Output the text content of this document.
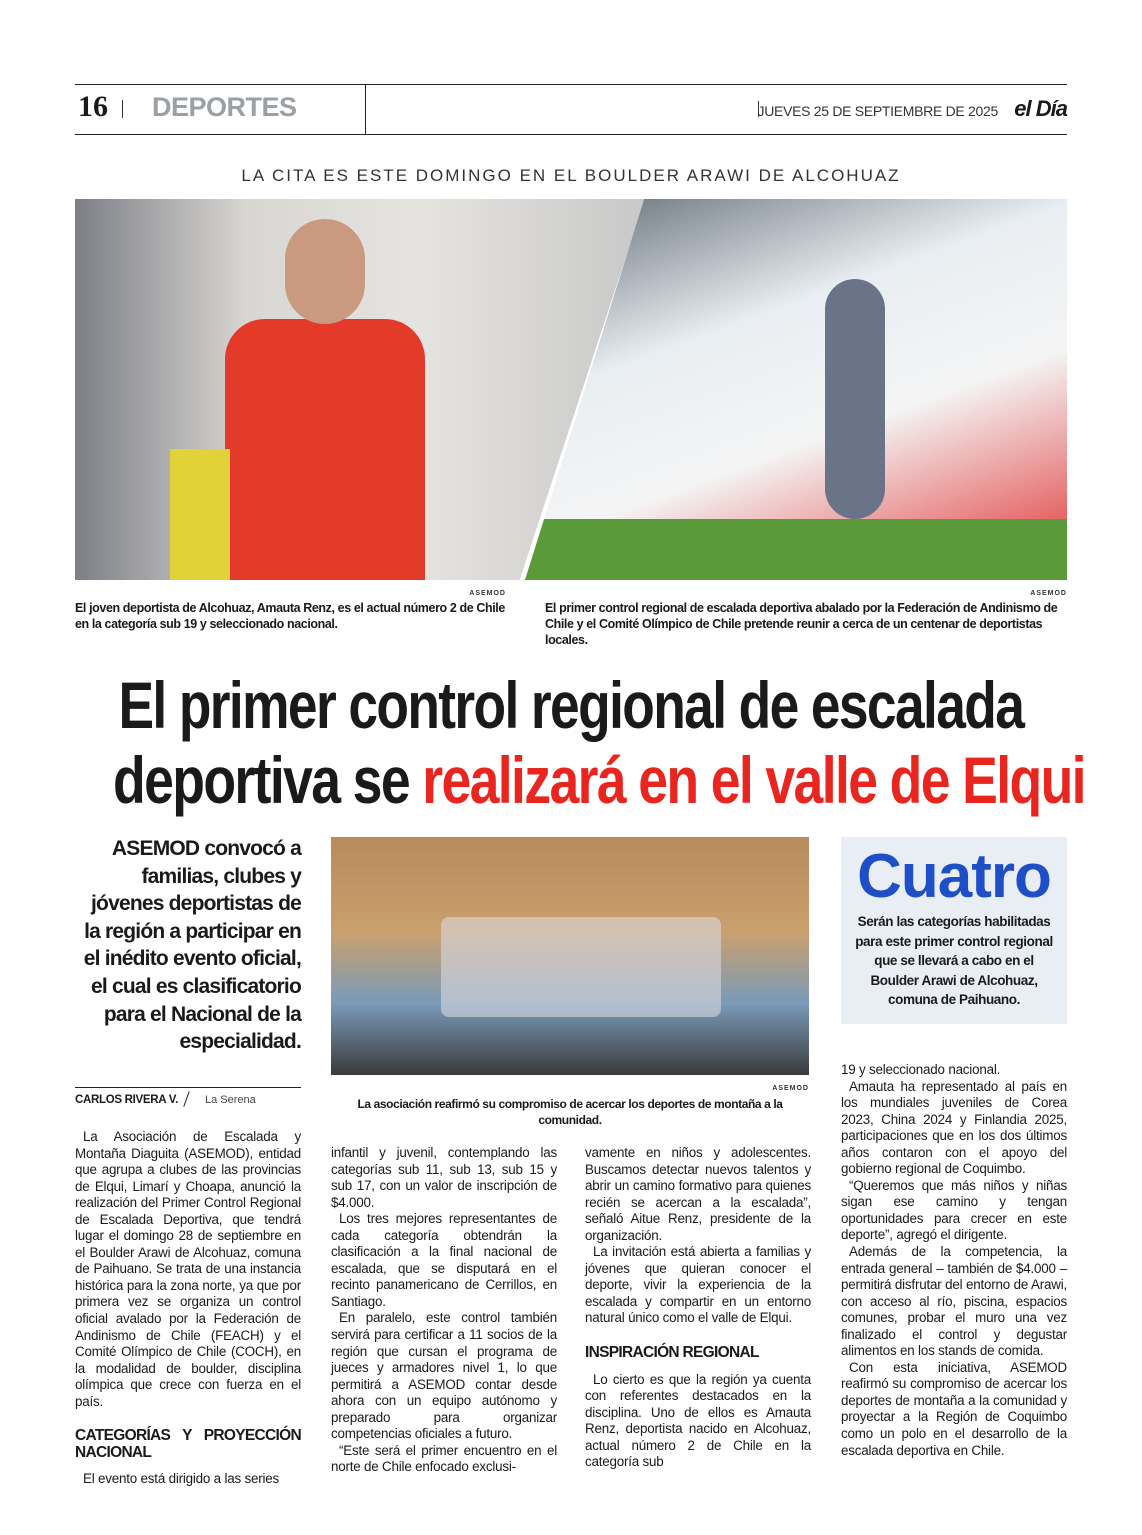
16 DEPORTES	JUEVES 25 DE SEPTIEMBRE DE 2025 el Día
LA CITA ES ESTE DOMINGO EN EL BOULDER ARAWI DE ALCOHUAZ
ASEMOD	ASEMOD
El joven deportista de Alcohuaz, Amauta Renz, es el actual número 2 de Chile en la categoría sub 19 y seleccionado nacional.
El primer control regional de escalada deportiva abalado por la Federación de Andinismo de Chile y el Comité Olímpico de Chile pretende reunir a cerca de un centenar de deportistas locales.
El primer control regional de escalada
deportiva se realizará en el valle de Elqui
ASEMOD convocó a familias, clubes y jóvenes deportistas de la región a participar en el inédito evento oficial, el cual es clasificatorio para el Nacional de la especialidad.
ASEMOD
La asociación reafirmó su compromiso de acercar los deportes de montaña a la comunidad.
Cuatro
Serán las categorías habilitadas para este primer control regional que se llevará a cabo en el Boulder Arawi de Alcohuaz, comuna de Paihuano.
CARLOS RIVERA V. La Serena

La Asociación de Escalada y Montaña Diaguita (ASEMOD), entidad que agrupa a clubes de las provincias de Elqui, Limarí y Choapa, anunció la realización del Primer Control Regional de Escalada Deportiva, que tendrá lugar el domingo 28 de septiembre en el Boulder Arawi de Alcohuaz, comuna de Paihuano. Se trata de una instancia histórica para la zona norte, ya que por primera vez se organiza un control oficial avalado por la Federación de Andinismo de Chile (FEACH) y el Comité Olímpico de Chile (COCH), en la modalidad de boulder, disciplina olímpica que crece con fuerza en el país.

CATEGORÍAS Y PROYECCIÓN NACIONAL

El evento está dirigido a las series

infantil y juvenil, contemplando las categorías sub 11, sub 13, sub 15 y sub 17, con un valor de inscripción de $4.000.

Los tres mejores representantes de cada categoría obtendrán la clasificación a la final nacional de escalada, que se disputará en el recinto panamericano de Cerrillos, en Santiago.

En paralelo, este control también servirá para certificar a 11 socios de la región que cursan el programa de jueces y armadores nivel 1, lo que permitirá a ASEMOD contar desde ahora con un equipo autónomo y preparado para organizar competencias oficiales a futuro.

“Este será el primer encuentro en el norte de Chile enfocado exclusi-

vamente en niños y adolescentes. Buscamos detectar nuevos talentos y abrir un camino formativo para quienes recién se acercan a la escalada”, señaló Aitue Renz, presidente de la organización.

La invitación está abierta a familias y jóvenes que quieran conocer el deporte, vivir la experiencia de la escalada y compartir en un entorno natural único como el valle de Elqui.

INSPIRACIÓN REGIONAL

Lo cierto es que la región ya cuenta con referentes destacados en la disciplina. Uno de ellos es Amauta Renz, deportista nacido en Alcohuaz, actual número 2 de Chile en la categoría sub

19 y seleccionado nacional.

Amauta ha representado al país en los mundiales juveniles de Corea 2023, China 2024 y Finlandia 2025, participaciones que en los dos últimos años contaron con el apoyo del gobierno regional de Coquimbo.

“Queremos que más niños y niñas sigan ese camino y tengan oportunidades para crecer en este deporte”, agregó el dirigente.

Además de la competencia, la entrada general – también de $4.000 – permitirá disfrutar del entorno de Arawi, con acceso al río, piscina, espacios comunes, probar el muro una vez finalizado el control y degustar alimentos en los stands de comida.

Con esta iniciativa, ASEMOD reafirmó su compromiso de acercar los deportes de montaña a la comunidad y proyectar a la Región de Coquimbo como un polo en el desarrollo de la escalada deportiva en Chile.
